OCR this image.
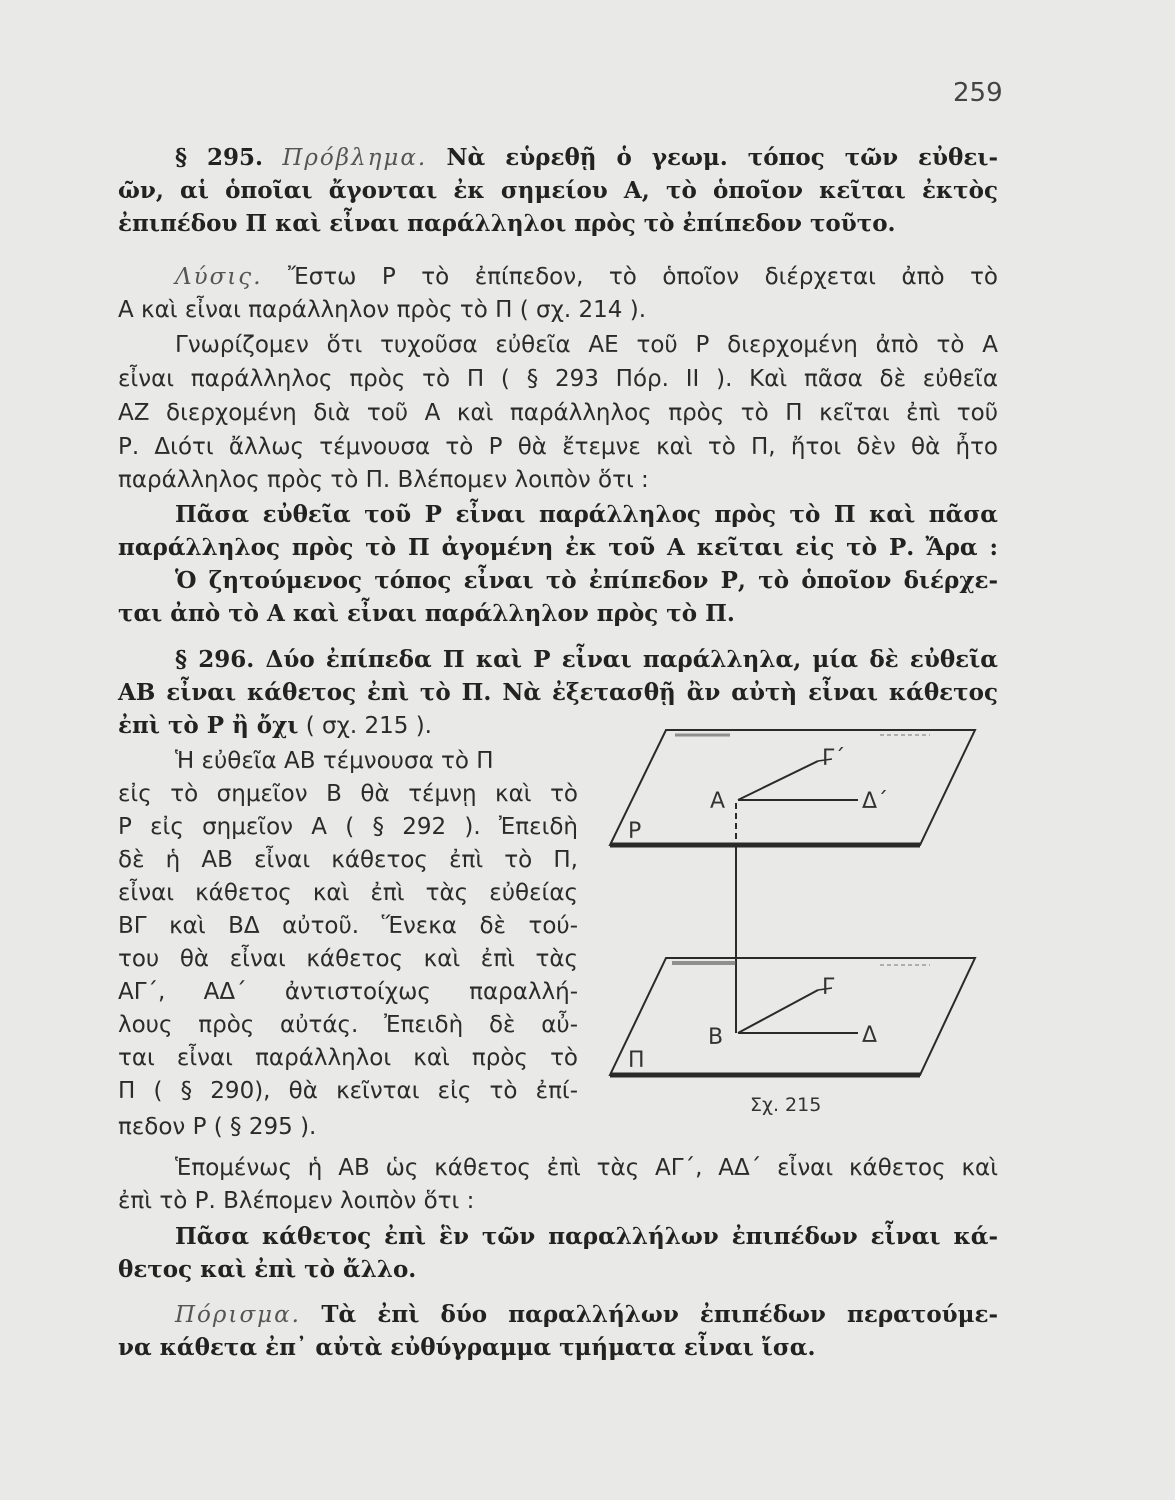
259
§ 295. Πρόβλημα. Νὰ εὑρεθῇ ὁ γεωμ. τόπος τῶν εὐθει-
ῶν, αἱ ὁποῖαι ἄγονται ἐκ σημείου Α, τὸ ὁποῖον κεῖται ἐκτὸς
ἐπιπέδου Π καὶ εἶναι παράλληλοι πρὸς τὸ ἐπίπεδον τοῦτο.
Λύσις. Ἔστω Ρ τὸ ἐπίπεδον, τὸ ὁποῖον διέρχεται ἀπὸ τὸ
Α καὶ εἶναι παράλληλον πρὸς τὸ Π ( σχ. 214 ).
Γνωρίζομεν ὅτι τυχοῦσα εὐθεῖα ΑΕ τοῦ Ρ διερχομένη ἀπὸ τὸ Α
εἶναι παράλληλος πρὸς τὸ Π ( § 293 Πόρ. ΙΙ ). Καὶ πᾶσα δὲ εὐθεῖα
ΑΖ διερχομένη διὰ τοῦ Α καὶ παράλληλος πρὸς τὸ Π κεῖται ἐπὶ τοῦ
Ρ. Διότι ἄλλως τέμνουσα τὸ Ρ θὰ ἔτεμνε καὶ τὸ Π, ἤτοι δὲν θὰ ἦτο
παράλληλος πρὸς τὸ Π. Βλέπομεν λοιπὸν ὅτι :
Πᾶσα εὐθεῖα τοῦ Ρ εἶναι παράλληλος πρὸς τὸ Π καὶ πᾶσα
παράλληλος πρὸς τὸ Π ἀγομένη ἐκ τοῦ Α κεῖται εἰς τὸ Ρ. Ἄρα :
Ὁ ζητούμενος τόπος εἶναι τὸ ἐπίπεδον Ρ, τὸ ὁποῖον διέρχε-
ται ἀπὸ τὸ Α καὶ εἶναι παράλληλον πρὸς τὸ Π.
§ 296. Δύο ἐπίπεδα Π καὶ Ρ εἶναι παράλληλα, μία δὲ εὐθεῖα
ΑΒ εἶναι κάθετος ἐπὶ τὸ Π. Νὰ ἐξετασθῇ ἂν αὐτὴ εἶναι κάθετος
ἐπὶ τὸ Ρ ἢ ὄχι ( σχ. 215 ).
Ἡ εὐθεῖα ΑΒ τέμνουσα τὸ Π
εἰς τὸ σημεῖον Β θὰ τέμνῃ καὶ τὸ
Ρ εἰς σημεῖον Α ( § 292 ). Ἐπειδὴ
δὲ ἡ ΑΒ εἶναι κάθετος ἐπὶ τὸ Π,
εἶναι κάθετος καὶ ἐπὶ τὰς εὐθείας
ΒΓ καὶ ΒΔ αὐτοῦ. Ἕνεκα δὲ τού-
του θὰ εἶναι κάθετος καὶ ἐπὶ τὰς
ΑΓ΄, ΑΔ΄ ἀντιστοίχως παραλλή-
λους πρὸς αὐτάς. Ἐπειδὴ δὲ αὖ-
ται εἶναι παράλληλοι καὶ πρὸς τὸ
Π ( § 290), θὰ κεῖνται εἰς τὸ ἐπί-
πεδον Ρ ( § 295 ).
Γ΄
Δ΄
Α
Ρ
Γ
Δ
Β
Π
Σχ. 215
Ἑπομένως ἡ ΑΒ ὡς κάθετος ἐπὶ τὰς ΑΓ΄, ΑΔ΄ εἶναι κάθετος καὶ
ἐπὶ τὸ Ρ. Βλέπομεν λοιπὸν ὅτι :
Πᾶσα κάθετος ἐπὶ ἓν τῶν παραλλήλων ἐπιπέδων εἶναι κά-
θετος καὶ ἐπὶ τὸ ἄλλο.
Πόρισμα. Τὰ ἐπὶ δύο παραλλήλων ἐπιπέδων περατούμε-
να κάθετα ἐπ᾽ αὐτὰ εὐθύγραμμα τμήματα εἶναι ἴσα.
